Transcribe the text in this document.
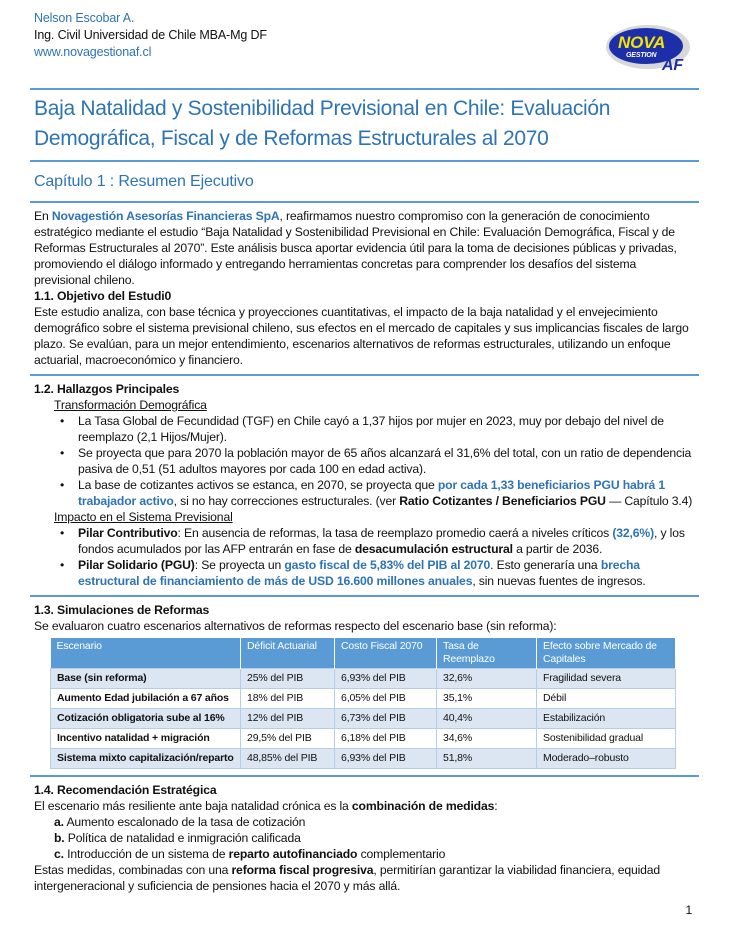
Nelson Escobar A.
Ing. Civil Universidad de Chile MBA-Mg DF
www.novagestionaf.cl	NOVA
GESTION
AF
Baja Natalidad y Sostenibilidad Previsional en Chile: Evaluación Demográfica, Fiscal y de Reformas Estructurales al 2070
Capítulo 1 : Resumen Ejecutivo

En Novagestión Asesorías Financieras SpA, reafirmamos nuestro compromiso con la generación de conocimiento estratégico mediante el estudio “Baja Natalidad y Sostenibilidad Previsional en Chile: Evaluación Demográfica, Fiscal y de Reformas Estructurales al 2070”. Este análisis busca aportar evidencia útil para la toma de decisiones públicas y privadas, promoviendo el diálogo informado y entregando herramientas concretas para comprender los desafíos del sistema previsional chileno.

1.1. Objetivo del Estudi0

Este estudio analiza, con base técnica y proyecciones cuantitativas, el impacto de la baja natalidad y el envejecimiento demográfico sobre el sistema previsional chileno, sus efectos en el mercado de capitales y sus implicancias fiscales de largo plazo. Se evalúan, para un mejor entendimiento, escenarios alternativos de reformas estructurales, utilizando un enfoque actuarial, macroeconómico y financiero.

1.2. Hallazgos Principales

Transformación Demográfica

• La Tasa Global de Fecundidad (TGF) en Chile cayó a 1,37 hijos por mujer en 2023, muy por debajo del nivel de reemplazo (2,1 Hijos/Mujer).
• Se proyecta que para 2070 la población mayor de 65 años alcanzará el 31,6% del total, con un ratio de dependencia pasiva de 0,51 (51 adultos mayores por cada 100 en edad activa).
• La base de cotizantes activos se estanca, en 2070, se proyecta que por cada 1,33 beneficiarios PGU habrá 1 trabajador activo, si no hay correcciones estructurales. (ver Ratio Cotizantes / Beneficiarios PGU — Capítulo 3.4)

Impacto en el Sistema Previsional

• Pilar Contributivo: En ausencia de reformas, la tasa de reemplazo promedio caerá a niveles críticos (32,6%), y los fondos acumulados por las AFP entrarán en fase de desacumulación estructural a partir de 2036.
• Pilar Solidario (PGU): Se proyecta un gasto fiscal de 5,83% del PIB al 2070. Esto generaría una brecha estructural de financiamiento de más de USD 16.600 millones anuales, sin nuevas fuentes de ingresos.

1.3. Simulaciones de Reformas

Se evaluaron cuatro escenarios alternativos de reformas respecto del escenario base (sin reforma):

Escenario	Déficit Actuarial	Costo Fiscal 2070	Tasa de Reemplazo	Efecto sobre Mercado de Capitales
Base (sin reforma)	25% del PIB	6,93% del PIB	32,6%	Fragilidad severa
Aumento Edad jubilación a 67 años	18% del PIB	6,05% del PIB	35,1%	Débil
Cotización obligatoria sube al 16%	12% del PIB	6,73% del PIB	40,4%	Estabilización
Incentivo natalidad + migración	29,5% del PIB	6,18% del PIB	34,6%	Sostenibilidad gradual
Sistema mixto capitalización/reparto	48,85% del PIB	6,93% del PIB	51,8%	Moderado–robusto

1.4. Recomendación Estratégica

El escenario más resiliente ante baja natalidad crónica es la combinación de medidas:

a. Aumento escalonado de la tasa de cotización

b. Política de natalidad e inmigración calificada

c. Introducción de un sistema de reparto autofinanciado complementario

Estas medidas, combinadas con una reforma fiscal progresiva, permitirían garantizar la viabilidad financiera, equidad intergeneracional y suficiencia de pensiones hacia el 2070 y más allá.

1
